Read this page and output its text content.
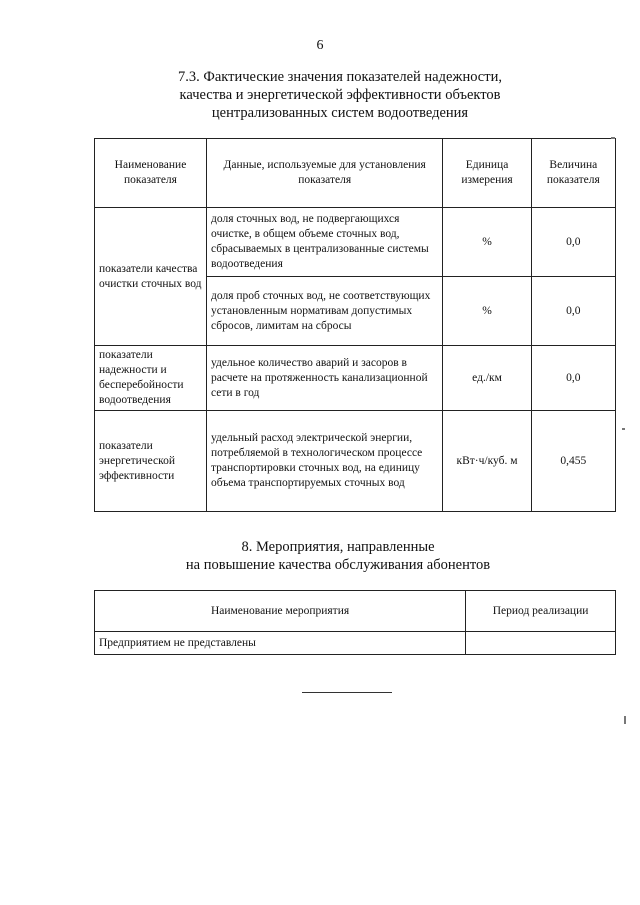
6
7.3. Фактические значения показателей надежности,
качества и энергетической эффективности объектов
централизованных систем водоотведения
Наименование показателя	Данные, используемые для установления показателя	Единица измерения	Величина показателя
показатели качества очистки сточных вод	доля сточных вод, не подвергающихся очистке, в общем объеме сточных вод, сбрасываемых в централизованные системы водоотведения	%	0,0
	доля проб сточных вод, не соответствующих установленным нормативам допустимых сбросов, лимитам на сбросы	%	0,0
показатели надежности и бесперебойности водоотведения	удельное количество аварий и засоров в расчете на протяженность канализационной сети в год	ед./км	0,0
показатели энергетической эффективности	удельный расход электрической энергии, потребляемой в технологическом процессе транспортировки сточных вод, на единицу объема транспортируемых сточных вод	кВт·ч/куб. м	0,455
8. Мероприятия, направленные
на повышение качества обслуживания абонентов
Наименование мероприятия	Период реализации
Предприятием не представлены	
